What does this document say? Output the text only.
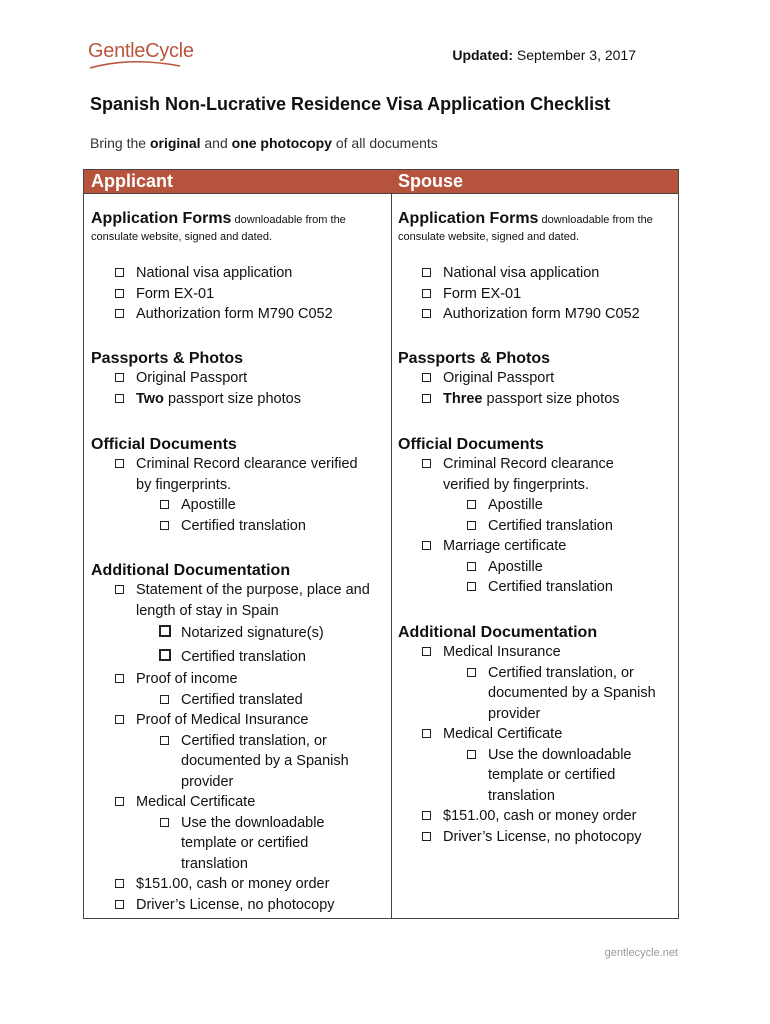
GentleCycle	Updated: September 3, 2017
Spanish Non-Lucrative Residence Visa Application Checklist
Bring the original and one photocopy of all documents
Applicant
Application Forms downloadable from the
consulate website, signed and dated.
National visa application
Form EX-01
Authorization form M790 C052
Passports & Photos
Original Passport
Two passport size photos
Official Documents
Criminal Record clearance verified
by fingerprints.
Apostille
Certified translation
Additional Documentation
Statement of the purpose, place and
length of stay in Spain
Notarized signature(s)
Certified translation
Proof of income
Certified translated
Proof of Medical Insurance
Certified translation, or
documented by a Spanish
provider
Medical Certificate
Use the downloadable
template or certified
translation
$151.00, cash or money order
Driver’s License, no photocopy
Spouse
Application Forms downloadable from the
consulate website, signed and dated.
National visa application
Form EX-01
Authorization form M790 C052
Passports & Photos
Original Passport
Three passport size photos
Official Documents
Criminal Record clearance
verified by fingerprints.
Apostille
Certified translation
Marriage certificate
Apostille
Certified translation
Additional Documentation
Medical Insurance
Certified translation, or
documented by a Spanish
provider
Medical Certificate
Use the downloadable
template or certified
translation
$151.00, cash or money order
Driver’s License, no photocopy
gentlecycle.net
